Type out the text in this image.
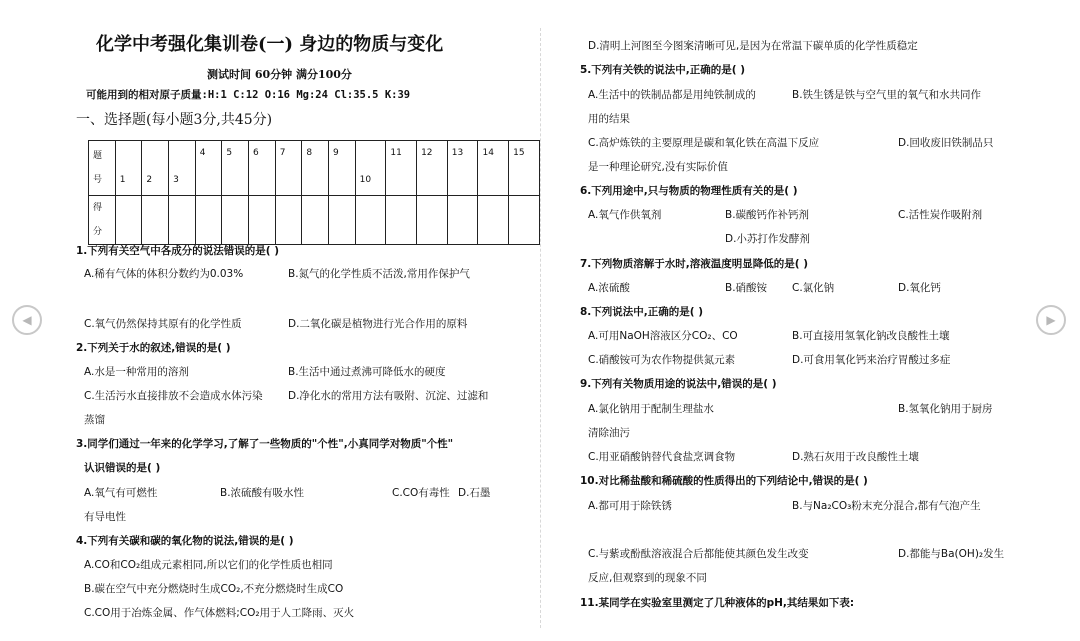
◀	▶
化学中考强化集训卷(一) 身边的物质与变化
测试时间 60分钟 满分100分
可能用到的相对原子质量:H:1 C:12 O:16 Mg:24 Cl:35.5 K:39
一、选择题(每小题3分,共45分)
题号	1	2	3	4	5	6	7	8	9	10	11	12	13	14	15
得分															
1.下列有关空气中各成分的说法错误的是( )
A.稀有气体的体积分数约为0.03%	B.氮气的化学性质不活泼,常用作保护气
C.氧气仍然保持其原有的化学性质	D.二氧化碳是植物进行光合作用的原料
2.下列关于水的叙述,错误的是( )
A.水是一种常用的溶剂	B.生活中通过煮沸可降低水的硬度
C.生活污水直接排放不会造成水体污染 D.净化水的常用方法有吸附、沉淀、过滤和
蒸馏
3.同学们通过一年来的化学学习,了解了一些物质的"个性",小真同学对物质"个性"
认识错误的是( )
A.氧气有可燃性	B.浓硫酸有吸水性	C.CO有毒性 D.石墨
有导电性
4.下列有关碳和碳的氧化物的说法,错误的是( )
A.CO和CO₂组成元素相同,所以它们的化学性质也相同
B.碳在空气中充分燃烧时生成CO₂,不充分燃烧时生成CO
C.CO用于冶炼金属、作气体燃料;CO₂用于人工降雨、灭火
D.清明上河图至今图案清晰可见,是因为在常温下碳单质的化学性质稳定
5.下列有关铁的说法中,正确的是( )
A.生活中的铁制品都是用纯铁制成的	B.铁生锈是铁与空气里的氧气和水共同作
用的结果
C.高炉炼铁的主要原理是碳和氧化铁在高温下反应	D.回收废旧铁制品只
是一种理论研究,没有实际价值
6.下列用途中,只与物质的物理性质有关的是( )
A.氧气作供氧剂	B.碳酸钙作补钙剂	C.活性炭作吸附剂
D.小苏打作发酵剂
7.下列物质溶解于水时,溶液温度明显降低的是( )
A.浓硫酸	B.硝酸铵 C.氯化钠	D.氧化钙
8.下列说法中,正确的是( )
A.可用NaOH溶液区分CO₂、CO	B.可直接用氢氧化钠改良酸性土壤
C.硝酸铵可为农作物提供氮元素	D.可食用氧化钙来治疗胃酸过多症
9.下列有关物质用途的说法中,错误的是( )
A.氯化钠用于配制生理盐水	B.氢氧化钠用于厨房
清除油污
C.用亚硝酸钠替代食盐烹调食物	D.熟石灰用于改良酸性土壤
10.对比稀盐酸和稀硫酸的性质得出的下列结论中,错误的是( )
A.都可用于除铁锈	B.与Na₂CO₃粉末充分混合,都有气泡产生
C.与紫或酚酞溶液混合后都能使其颜色发生改变	D.都能与Ba(OH)₂发生
反应,但观察到的现象不同
11.某同学在实验室里测定了几种液体的pH,其结果如下表:
